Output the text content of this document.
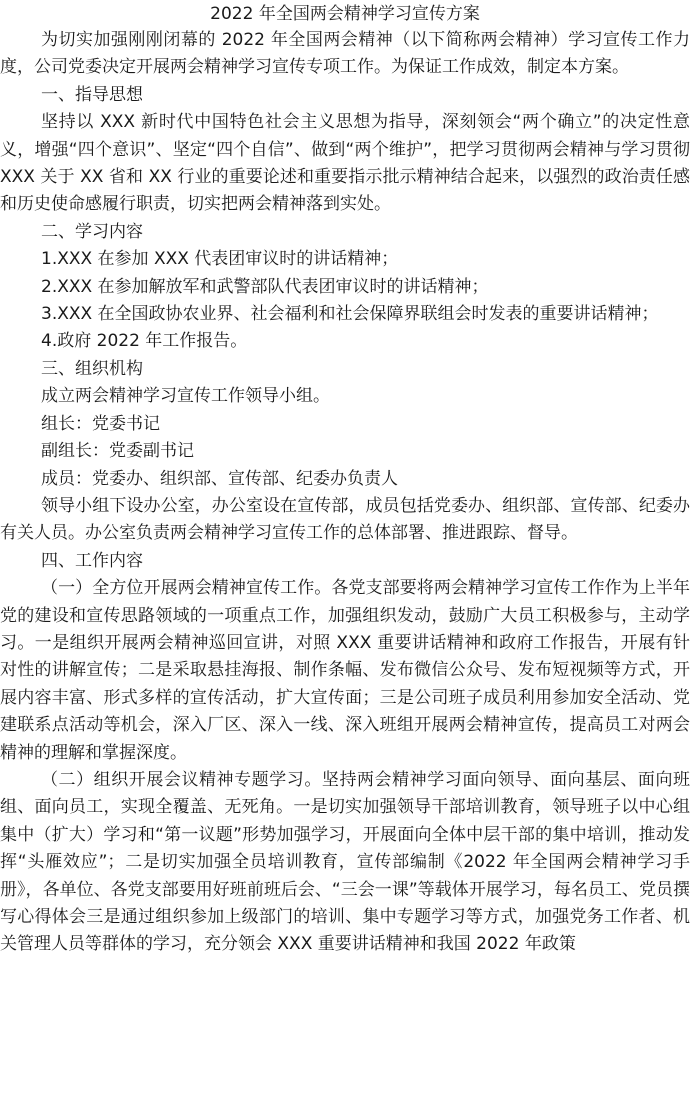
2022 年全国两会精神学习宣传方案

为切实加强刚刚闭幕的 2022 年全国两会精神（以下简称两会精神）学习宣传工作力度，公司党委决定开展两会精神学习宣传专项工作。为保证工作成效，制定本方案。

一、指导思想

坚持以 XXX 新时代中国特色社会主义思想为指导，深刻领会“两个确立”的决定性意义，增强“四个意识”、坚定“四个自信”、做到“两个维护”，把学习贯彻两会精神与学习贯彻 XXX 关于 XX 省和 XX 行业的重要论述和重要指示批示精神结合起来，以强烈的政治责任感和历史使命感履行职责，切实把两会精神落到实处。

二、学习内容

1.XXX 在参加 XXX 代表团审议时的讲话精神；

2.XXX 在参加解放军和武警部队代表团审议时的讲话精神；

3.XXX 在全国政协农业界、社会福利和社会保障界联组会时发表的重要讲话精神；

4.政府 2022 年工作报告。

三、组织机构

成立两会精神学习宣传工作领导小组。

组长：党委书记

副组长：党委副书记

成员：党委办、组织部、宣传部、纪委办负责人

领导小组下设办公室，办公室设在宣传部，成员包括党委办、组织部、宣传部、纪委办有关人员。办公室负责两会精神学习宣传工作的总体部署、推进跟踪、督导。

四、工作内容

（一）全方位开展两会精神宣传工作。各党支部要将两会精神学习宣传工作作为上半年党的建设和宣传思路领域的一项重点工作，加强组织发动，鼓励广大员工积极参与，主动学习。一是组织开展两会精神巡回宣讲，对照 XXX 重要讲话精神和政府工作报告，开展有针对性的讲解宣传；二是采取悬挂海报、制作条幅、发布微信公众号、发布短视频等方式，开展内容丰富、形式多样的宣传活动，扩大宣传面；三是公司班子成员利用参加安全活动、党建联系点活动等机会，深入厂区、深入一线、深入班组开展两会精神宣传，提高员工对两会精神的理解和掌握深度。

（二）组织开展会议精神专题学习。坚持两会精神学习面向领导、面向基层、面向班组、面向员工，实现全覆盖、无死角。一是切实加强领导干部培训教育，领导班子以中心组集中（扩大）学习和“第一议题”形势加强学习，开展面向全体中层干部的集中培训，推动发挥“头雁效应”；二是切实加强全员培训教育，宣传部编制《2022 年全国两会精神学习手册》，各单位、各党支部要用好班前班后会、“三会一课”等载体开展学习，每名员工、党员撰写心得体会三是通过组织参加上级部门的培训、集中专题学习等方式，加强党务工作者、机关管理人员等群体的学习，充分领会 XXX 重要讲话精神和我国 2022 年政策
